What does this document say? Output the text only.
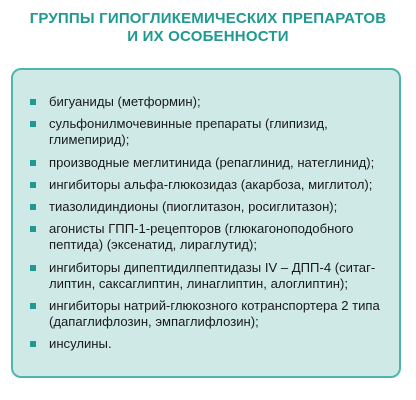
ГРУППЫ ГИПОГЛИКЕМИЧЕСКИХ ПРЕПАРАТОВ
И ИХ ОСОБЕННОСТИ
бигуаниды (метформин);
сульфонилмочевинные препараты (глипизид,
глимепирид);
производные меглитинида (репаглинид, натеглинид);
ингибиторы альфа-глюкозидаз (акарбоза, миглитол);
тиазолидиндионы (пиоглитазон, росиглитазон);
агонисты ГПП-1-рецепторов (глюкагоноподобного
пептида) (эксенатид, лираглутид);
ингибиторы дипептидилпептидазы IV – ДПП-4 (ситаг-
липтин, саксаглиптин, линаглиптин, алоглиптин);
ингибиторы натрий-глюкозного котранспортера 2 типа
(дапаглифлозин, эмпаглифлозин);
инсулины.
